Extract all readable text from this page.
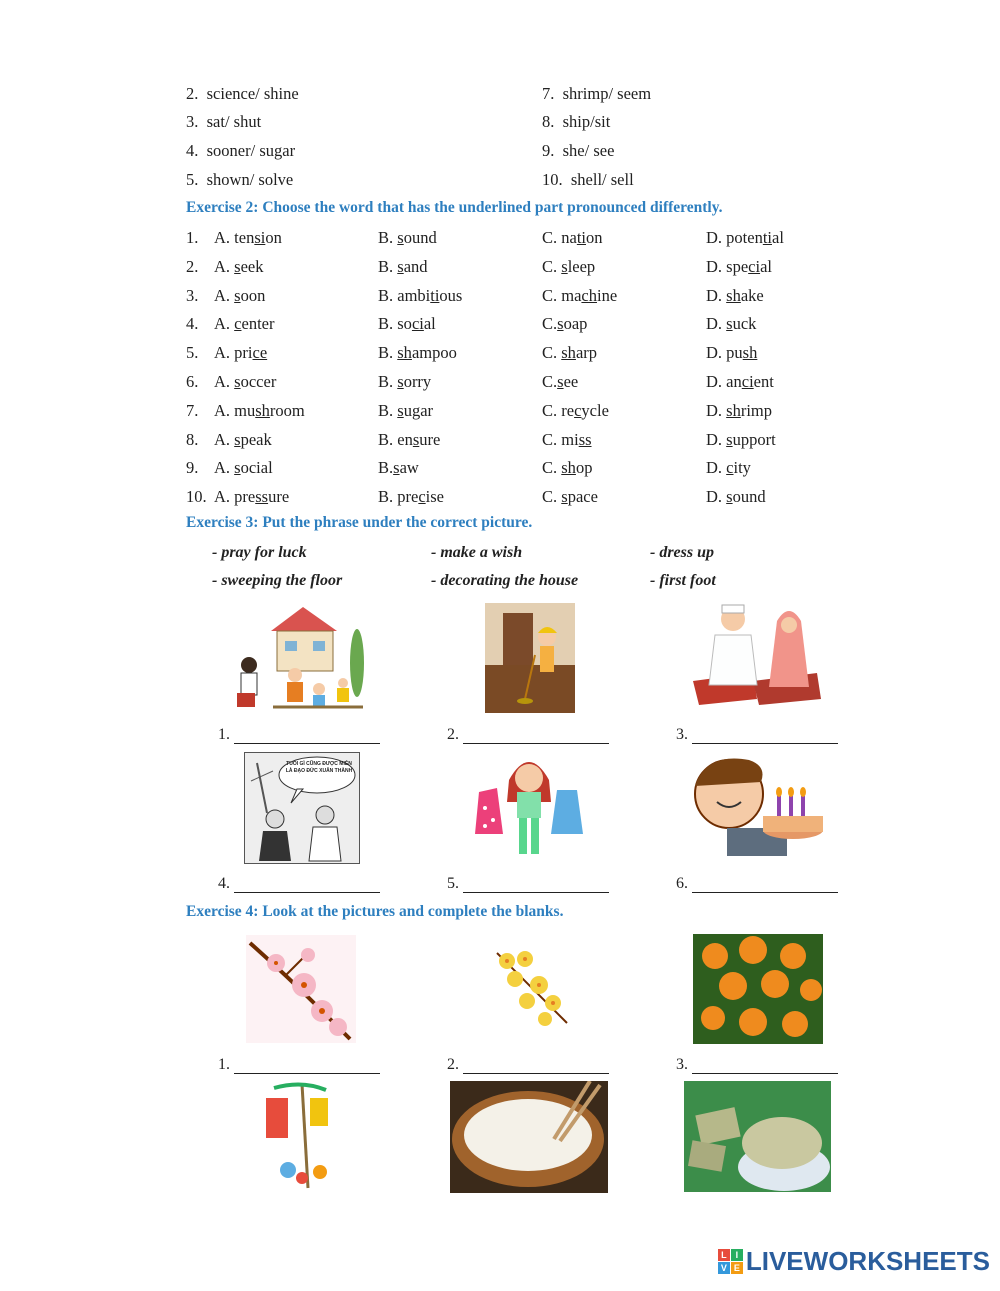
2. science/ shine
3. sat/ shut
4. sooner/ sugar
5. shown/ solve
7. shrimp/ seem
8. ship/sit
9. she/ see
10. shell/ sell
Exercise 2: Choose the word that has the underlined part pronounced differently.
1. A. tension	B. sound	C. nation	D. potential
2. A. seek	B. sand	C. sleep	D. special
3. A. soon	B. ambitious	C. machine	D. shake
4. A. center	B. social	C.soap	D. suck
5. A. price	B. shampoo	C. sharp	D. push
6. A. soccer	B. sorry	C.see	D. ancient
7. A. mushroom	B. sugar	C. recycle	D. shrimp
8. A. speak	B. ensure	C. miss	D. support
9. A. social	B.saw	C. shop	D. city
10. A. pressure	B. precise	C. space	D. sound
Exercise 3: Put the phrase under the correct picture.
- pray for luck	- make a wish	- dress up
- sweeping the floor	- decorating the house	- first foot
1.	2.	3.
TUỔI GÌ CŨNG ĐƯỢC MIỄN LÀ ĐẠO ĐỨC XUÂN THÀNH
4.	5.	6.
Exercise 4: Look at the pictures and complete the blanks.
1.	2.	3.
L I
V E LIVEWORKSHEETS
